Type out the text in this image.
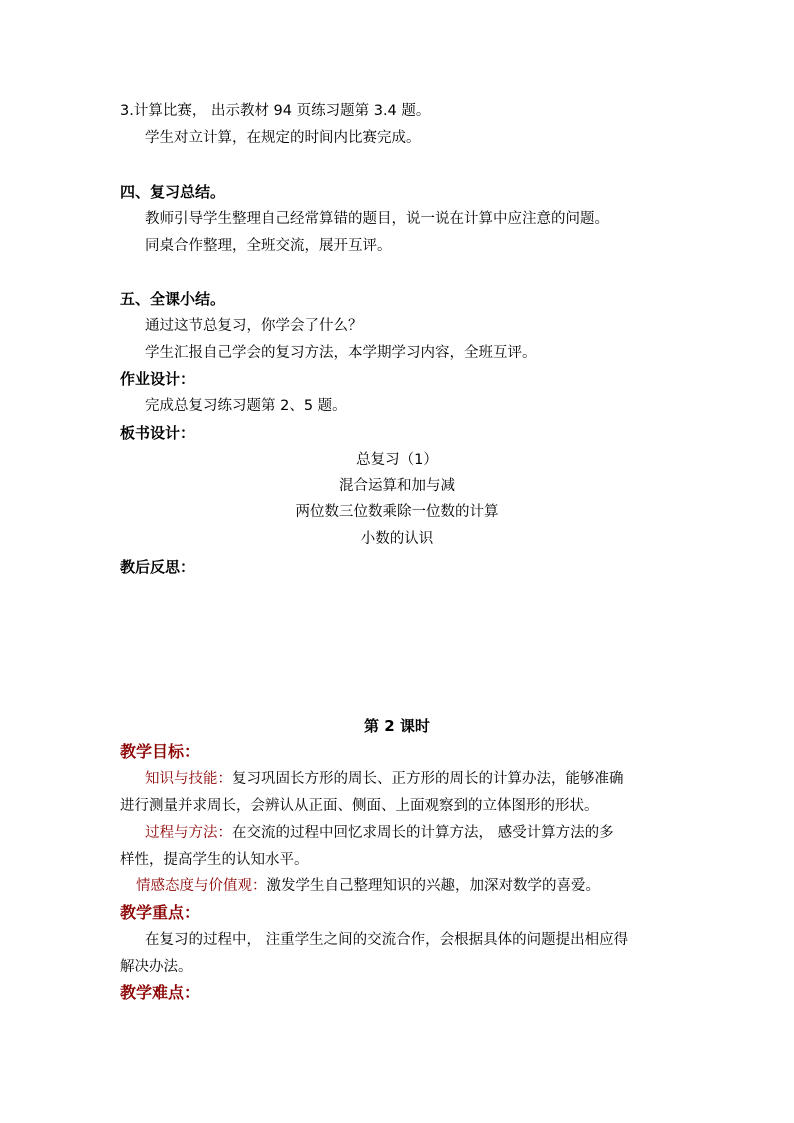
3.计算比赛， 出示教材 94 页练习题第 3.4 题。
学生对立计算，在规定的时间内比赛完成。
四、复习总结。
教师引导学生整理自己经常算错的题目，说一说在计算中应注意的问题。
同桌合作整理，全班交流，展开互评。
五、全课小结。
通过这节总复习，你学会了什么？
学生汇报自己学会的复习方法，本学期学习内容，全班互评。
作业设计：
完成总复习练习题第 2、5 题。
板书设计：
总复习（1）
混合运算和加与减
两位数三位数乘除一位数的计算
小数的认识
教后反思：
第 2 课时
教学目标：
知识与技能：复习巩固长方形的周长、正方形的周长的计算办法，能够准确
进行测量并求周长，会辨认从正面、侧面、上面观察到的立体图形的形状。
过程与方法：在交流的过程中回忆求周长的计算方法， 感受计算方法的多
样性，提高学生的认知水平。
情感态度与价值观：激发学生自己整理知识的兴趣，加深对数学的喜爱。
教学重点：
在复习的过程中， 注重学生之间的交流合作，会根据具体的问题提出相应得
解决办法。
教学难点：
